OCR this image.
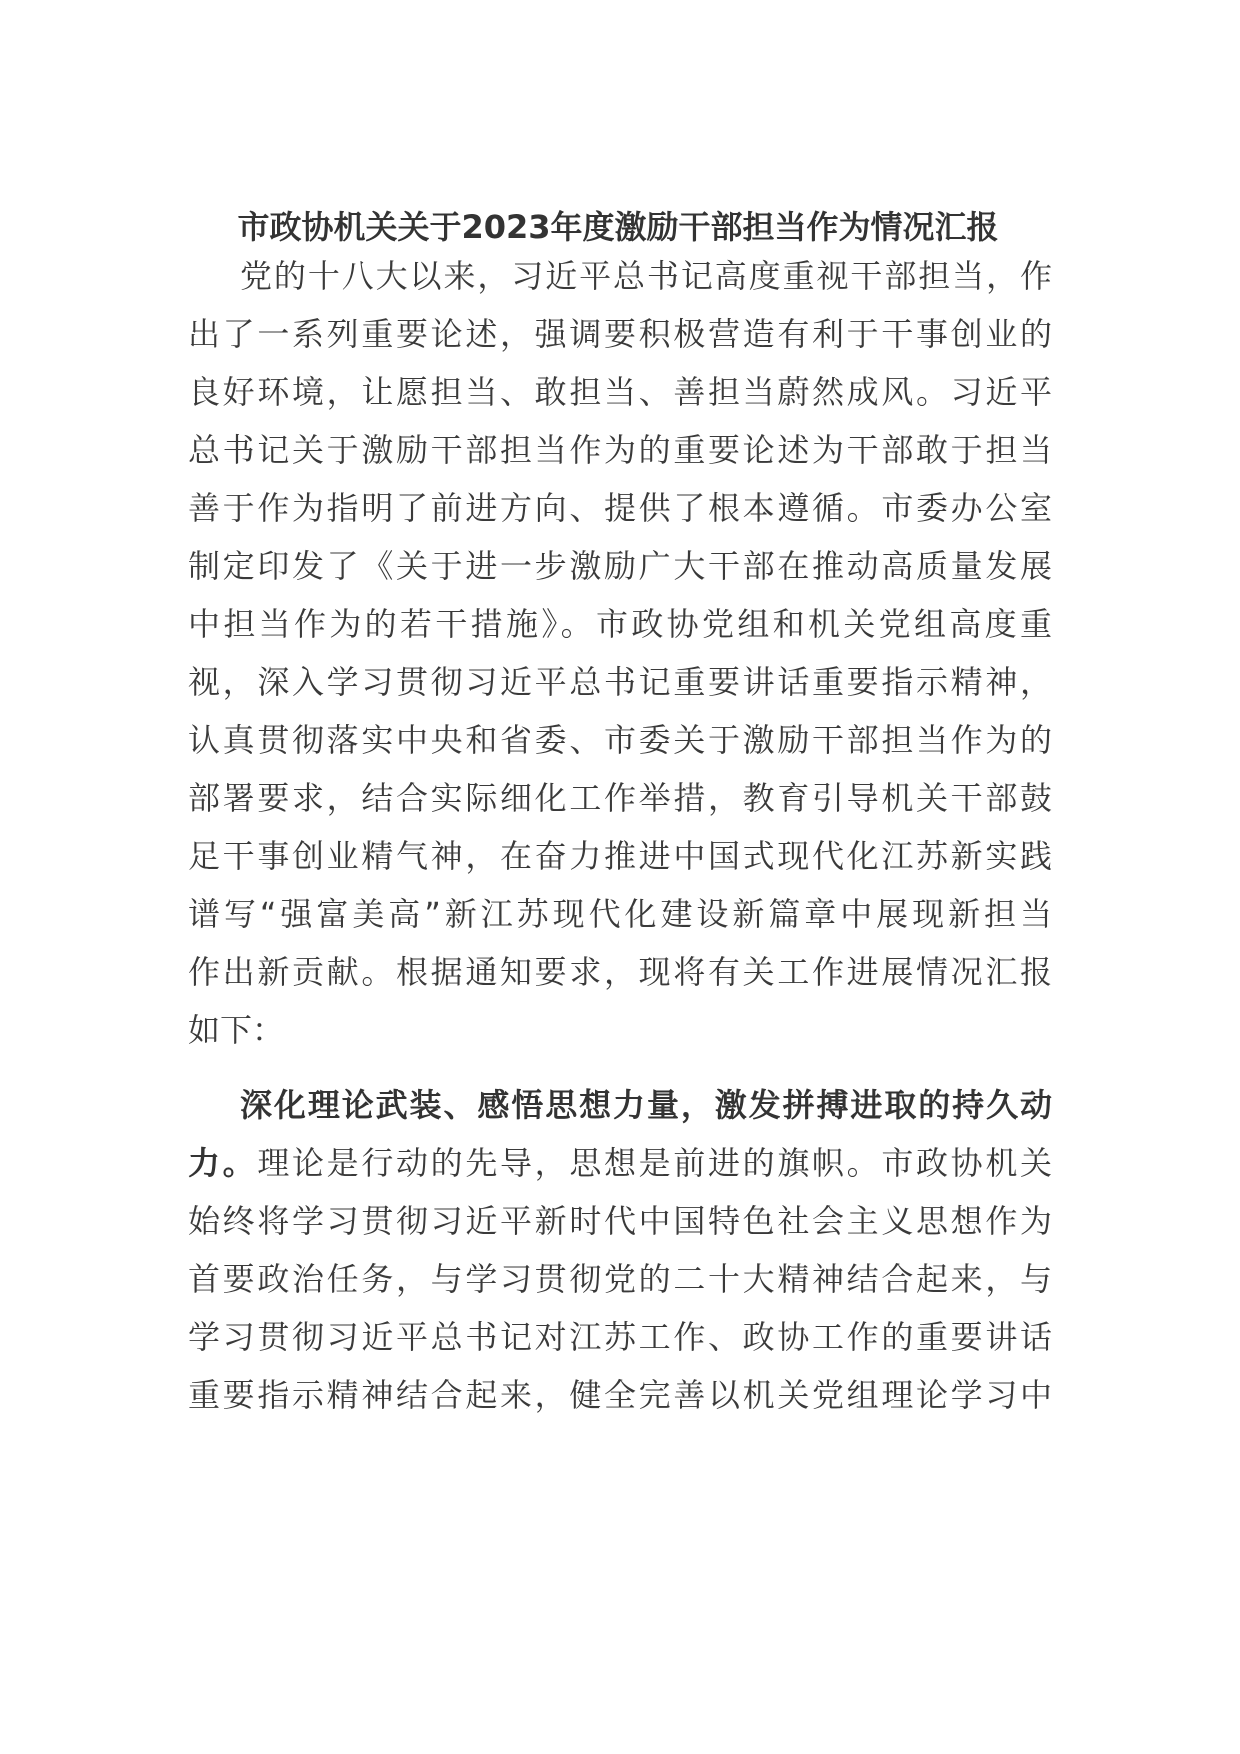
市政协机关关于2023年度激励干部担当作为情况汇报
党的十八大以来，习近平总书记高度重视干部担当，作
出了一系列重要论述，强调要积极营造有利于干事创业的
良好环境，让愿担当、敢担当、善担当蔚然成风。习近平
总书记关于激励干部担当作为的重要论述为干部敢于担当
善于作为指明了前进方向、提供了根本遵循。市委办公室
制定印发了《关于进一步激励广大干部在推动高质量发展
中担当作为的若干措施》。市政协党组和机关党组高度重
视，深入学习贯彻习近平总书记重要讲话重要指示精神，
认真贯彻落实中央和省委、市委关于激励干部担当作为的
部署要求，结合实际细化工作举措，教育引导机关干部鼓
足干事创业精气神，在奋力推进中国式现代化江苏新实践
谱写“强富美高”新江苏现代化建设新篇章中展现新担当
作出新贡献。根据通知要求，现将有关工作进展情况汇报
如下：
深化理论武装、感悟思想力量，激发拼搏进取的持久动
力。理论是行动的先导，思想是前进的旗帜。市政协机关
始终将学习贯彻习近平新时代中国特色社会主义思想作为
首要政治任务，与学习贯彻党的二十大精神结合起来，与
学习贯彻习近平总书记对江苏工作、政协工作的重要讲话
重要指示精神结合起来，健全完善以机关党组理论学习中
